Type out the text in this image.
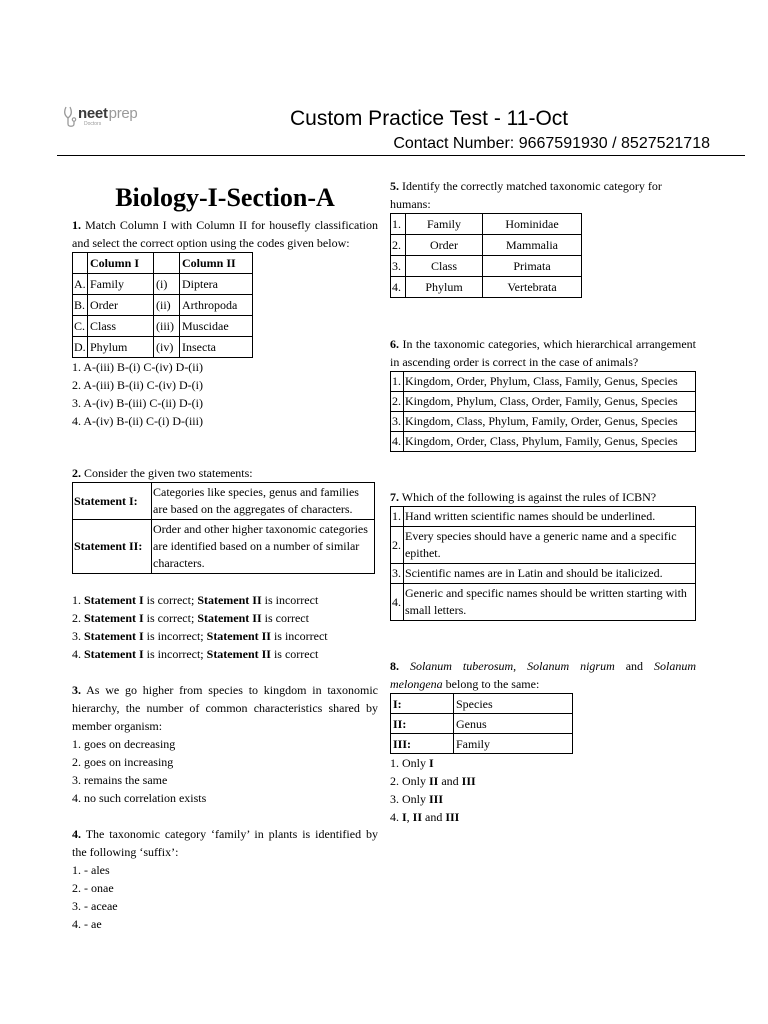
neet prep
Doctors	Custom Practice Test - 11-Oct
Contact Number: 9667591930 / 8527521718
Biology-I-Section-A

1. Match Column I with Column II for housefly classification and select the correct option using the codes given below:

	Column I		Column II
A.	Family	(i)	Diptera
B.	Order	(ii)	Arthropoda
C.	Class	(iii)	Muscidae
D.	Phylum	(iv)	Insecta

1. A-(iii) B-(i) C-(iv) D-(ii)

2. A-(iii) B-(ii) C-(iv) D-(i)

3. A-(iv) B-(iii) C-(ii) D-(i)

4. A-(iv) B-(ii) C-(i) D-(iii)

2. Consider the given two statements:

Statement I:	Categories like species, genus and families are based on the aggregates of characters.
Statement II:	Order and other higher taxonomic categories are identified based on a number of similar characters.

1. Statement I is correct; Statement II is incorrect

2. Statement I is correct; Statement II is correct

3. Statement I is incorrect; Statement II is incorrect

4. Statement I is incorrect; Statement II is correct

3. As we go higher from species to kingdom in taxonomic hierarchy, the number of common characteristics shared by member organism:

1. goes on decreasing

2. goes on increasing

3. remains the same

4. no such correlation exists

4. The taxonomic category ‘family’ in plants is identified by the following ‘suffix’:

1. - ales

2. - onae

3. - aceae

4. - ae

5. Identify the correctly matched taxonomic category for humans:

1.	Family	Hominidae
2.	Order	Mammalia
3.	Class	Primata
4.	Phylum	Vertebrata

6. In the taxonomic categories, which hierarchical arrangement in ascending order is correct in the case of animals?

1.	Kingdom, Order, Phylum, Class, Family, Genus, Species
2.	Kingdom, Phylum, Class, Order, Family, Genus, Species
3.	Kingdom, Class, Phylum, Family, Order, Genus, Species
4.	Kingdom, Order, Class, Phylum, Family, Genus, Species

7. Which of the following is against the rules of ICBN?

1.	Hand written scientific names should be underlined.
2.	Every species should have a generic name and a specific epithet.
3.	Scientific names are in Latin and should be italicized.
4.	Generic and specific names should be written starting with small letters.

8. Solanum tuberosum, Solanum nigrum and Solanum melongena belong to the same:

I:	Species
II:	Genus
III:	Family

1. Only I

2. Only II and III

3. Only III

4. I, II and III
